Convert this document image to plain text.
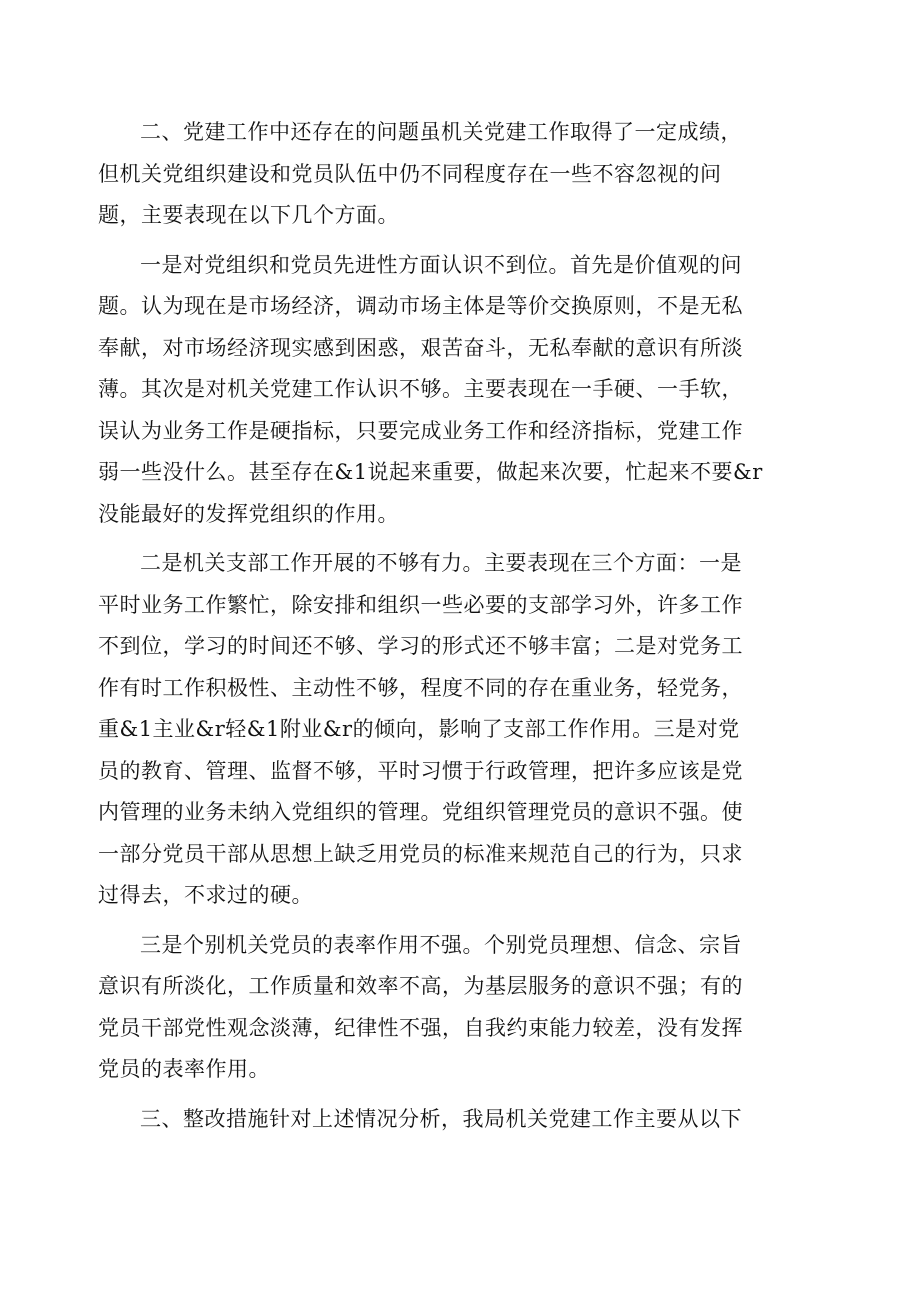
二、党建工作中还存在的问题虽机关党建工作取得了一定成绩，
但机关党组织建设和党员队伍中仍不同程度存在一些不容忽视的问
题，主要表现在以下几个方面。

一是对党组织和党员先进性方面认识不到位。首先是价值观的问
题。认为现在是市场经济，调动市场主体是等价交换原则，不是无私
奉献，对市场经济现实感到困惑，艰苦奋斗，无私奉献的意识有所淡
薄。其次是对机关党建工作认识不够。主要表现在一手硬、一手软，
误认为业务工作是硬指标，只要完成业务工作和经济指标，党建工作
弱一些没什么。甚至存在&1说起来重要，做起来次要，忙起来不要&r
没能最好的发挥党组织的作用。

二是机关支部工作开展的不够有力。主要表现在三个方面：一是
平时业务工作繁忙，除安排和组织一些必要的支部学习外，许多工作
不到位，学习的时间还不够、学习的形式还不够丰富；二是对党务工
作有时工作积极性、主动性不够，程度不同的存在重业务，轻党务，
重&1主业&r轻&1附业&r的倾向，影响了支部工作作用。三是对党
员的教育、管理、监督不够，平时习惯于行政管理，把许多应该是党
内管理的业务未纳入党组织的管理。党组织管理党员的意识不强。使
一部分党员干部从思想上缺乏用党员的标准来规范自己的行为，只求
过得去，不求过的硬。

三是个别机关党员的表率作用不强。个别党员理想、信念、宗旨
意识有所淡化，工作质量和效率不高，为基层服务的意识不强；有的
党员干部党性观念淡薄，纪律性不强，自我约束能力较差，没有发挥
党员的表率作用。

三、整改措施针对上述情况分析，我局机关党建工作主要从以下
